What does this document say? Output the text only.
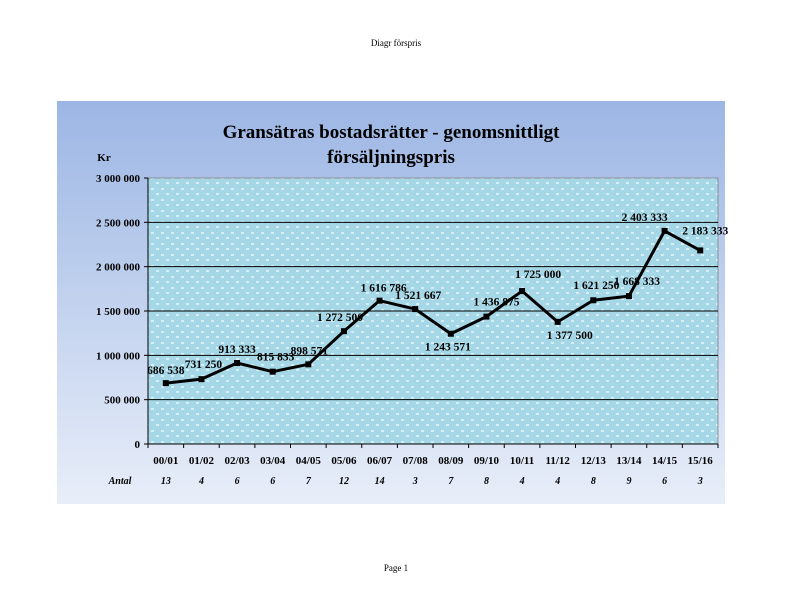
Diagr förspris
Gransätras bostadsrätter - genomsnittligt
försäljningspris
Kr
0
500 000
1 000 000
1 500 000
2 000 000
2 500 000
3 000 000
00/01 01/02 02/03 03/04 04/05 05/06 06/07 07/08 08/09 09/10 10/11 11/12 12/13 13/14 14/15 15/16
686 538 731 250
913 333
815 833
898 571
1 272 500
1 616 786
1 521 667
1 243 571
1 436 875
1 725 000
1 377 500
1 621 250
1 668 333
2 403 333
2 183 333
Antal	13	4	6	6	7	12	14	3	7	8	4	4	8	9	6	3
Page 1
